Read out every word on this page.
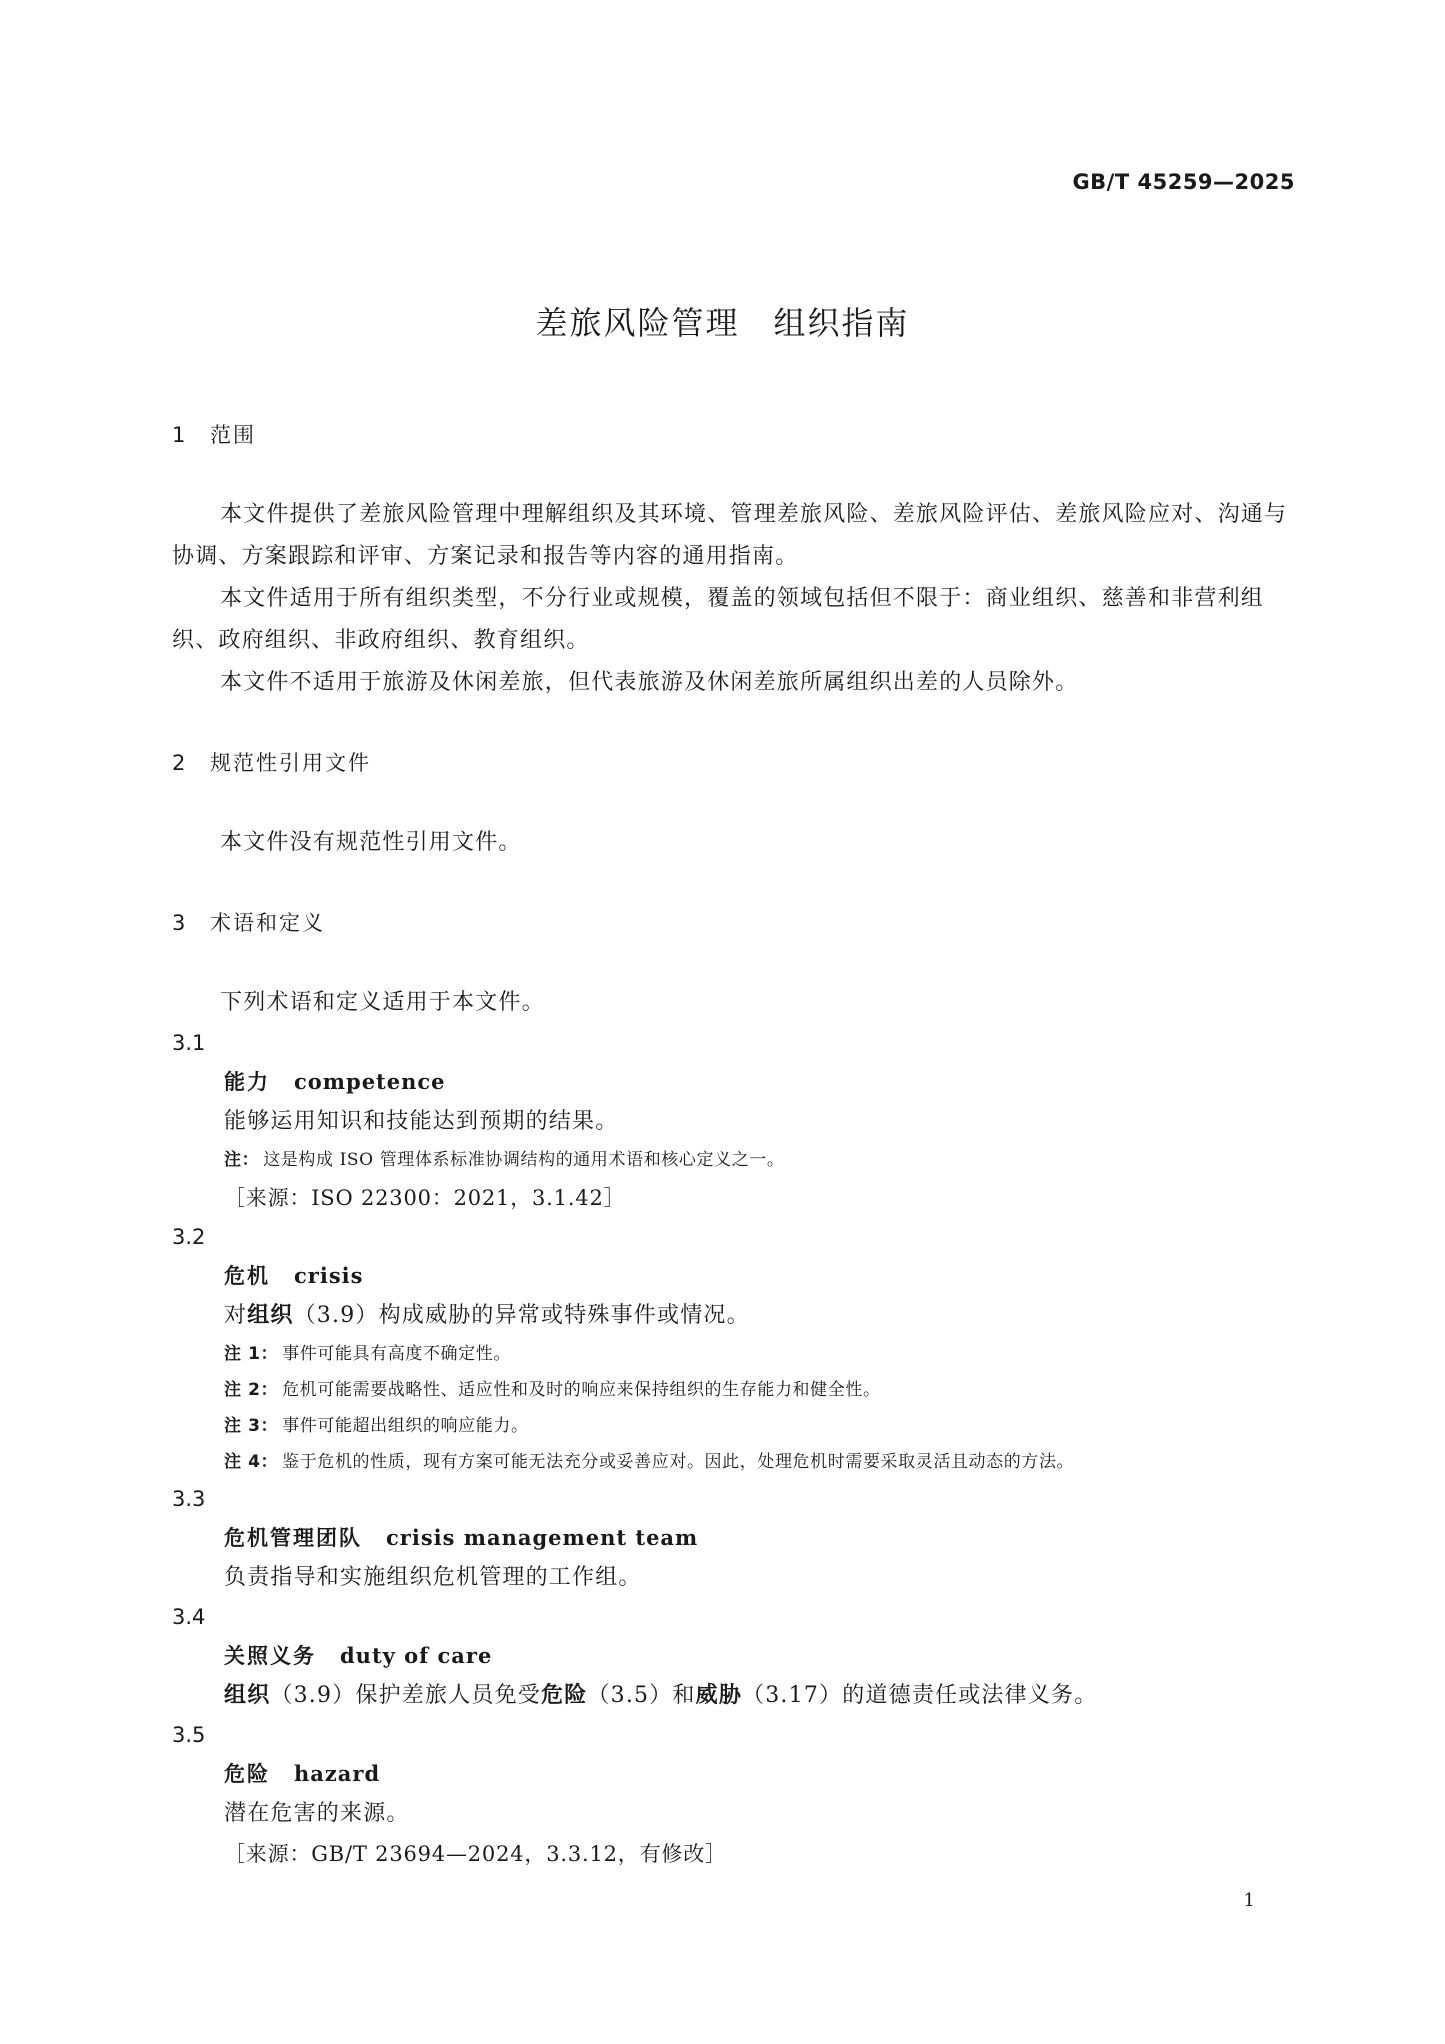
GB/T 45259—2025
差旅风险管理　组织指南
1	范围

本文件提供了差旅风险管理中理解组织及其环境、管理差旅风险、差旅风险评估、差旅风险应对、沟通与协调、方案跟踪和评审、方案记录和报告等内容的通用指南。

本文件适用于所有组织类型，不分行业或规模，覆盖的领域包括但不限于：商业组织、慈善和非营利组织、政府组织、非政府组织、教育组织。

本文件不适用于旅游及休闲差旅，但代表旅游及休闲差旅所属组织出差的人员除外。

2	规范性引用文件

本文件没有规范性引用文件。

3	术语和定义

下列术语和定义适用于本文件。

3.1
能力 competence
能够运用知识和技能达到预期的结果。
注： 这是构成 ISO 管理体系标准协调结构的通用术语和核心定义之一。
［来源：ISO 22300：2021，3.1.42］
3.2
危机 crisis
对组织（3.9）构成威胁的异常或特殊事件或情况。
注 1： 事件可能具有高度不确定性。
注 2： 危机可能需要战略性、适应性和及时的响应来保持组织的生存能力和健全性。
注 3： 事件可能超出组织的响应能力。
注 4： 鉴于危机的性质，现有方案可能无法充分或妥善应对。因此，处理危机时需要采取灵活且动态的方法。
3.3
危机管理团队 crisis management team
负责指导和实施组织危机管理的工作组。
3.4
关照义务 duty of care
组织（3.9）保护差旅人员免受危险（3.5）和威胁（3.17）的道德责任或法律义务。
3.5
危险 hazard
潜在危害的来源。
［来源：GB/T 23694—2024，3.3.12，有修改］
1
